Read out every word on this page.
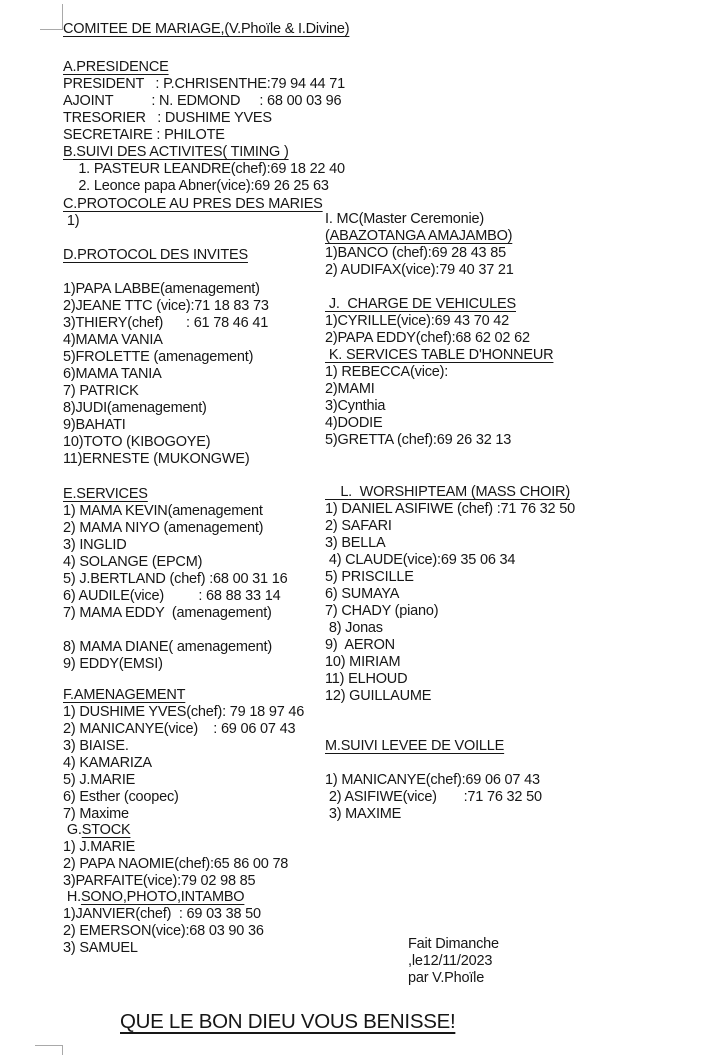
COMITEE DE MARIAGE,(V.Phoïle & I.Divine)
A.PRESIDENCE
PRESIDENT   : P.CHRISENTHE:79 94 44 71
AJOINT          : N. EDMOND     : 68 00 03 96
TRESORIER   : DUSHIME YVES
SECRETAIRE : PHILOTE
B.SUIVI DES ACTIVITES( TIMING )
1. PASTEUR LEANDRE(chef):69 18 22 40
2. Leonce papa Abner(vice):69 26 25 63
C.PROTOCOLE AU PRES DES MARIES
1)
D.PROTOCOL DES INVITES

1)PAPA LABBE(amenagement)
2)JEANE TTC (vice):71 18 83 73
3)THIERY(chef)      : 61 78 46 41
4)MAMA VANIA
5)FROLETTE (amenagement)
6)MAMA TANIA
7) PATRICK
8)JUDI(amenagement)
9)BAHATI
10)TOTO (KIBOGOYE)
11)ERNESTE (MUKONGWE)
E.SERVICES
1) MAMA KEVIN(amenagement
2) MAMA NIYO (amenagement)
3) INGLID
4) SOLANGE (EPCM)
5) J.BERTLAND (chef) :68 00 31 16
6) AUDILE(vice)         : 68 88 33 14
7) MAMA EDDY  (amenagement)

8) MAMA DIANE( amenagement)
9) EDDY(EMSI)
F.AMENAGEMENT
1) DUSHIME YVES(chef): 79 18 97 46
2) MANICANYE(vice)    : 69 06 07 43
3) BIAISE.
4) KAMARIZA
5) J.MARIE
6) Esther (coopec)
7) Maxime
G.STOCK
1) J.MARIE
2) PAPA NAOMIE(chef):65 86 00 78
3)PARFAITE(vice):79 02 98 85
H.SONO,PHOTO,INTAMBO
1)JANVIER(chef)  : 69 03 38 50
2) EMERSON(vice):68 03 90 36
3) SAMUEL
I. MC(Master Ceremonie)
(ABAZOTANGA AMAJAMBO)
1)BANCO (chef):69 28 43 85
2) AUDIFAX(vice):79 40 37 21
J.  CHARGE DE VEHICULES
1)CYRILLE(vice):69 43 70 42
2)PAPA EDDY(chef):68 62 02 62
K. SERVICES TABLE D'HONNEUR
1) REBECCA(vice):
2)MAMI
3)Cynthia
4)DODIE
5)GRETTA (chef):69 26 32 13
L.  WORSHIPTEAM (MASS CHOIR)
1) DANIEL ASIFIWE (chef) :71 76 32 50
2) SAFARI
3) BELLA
4) CLAUDE(vice):69 35 06 34
5) PRISCILLE
6) SUMAYA
7) CHADY (piano)
8) Jonas
9)  AERON
10) MIRIAM
11) ELHOUD
12) GUILLAUME
M.SUIVI LEVEE DE VOILLE

1) MANICANYE(chef):69 06 07 43
2) ASIFIWE(vice)       :71 76 32 50
3) MAXIME
Fait Dimanche
,le12/11/2023
par V.Phoïle
QUE LE BON DIEU VOUS BENISSE!
